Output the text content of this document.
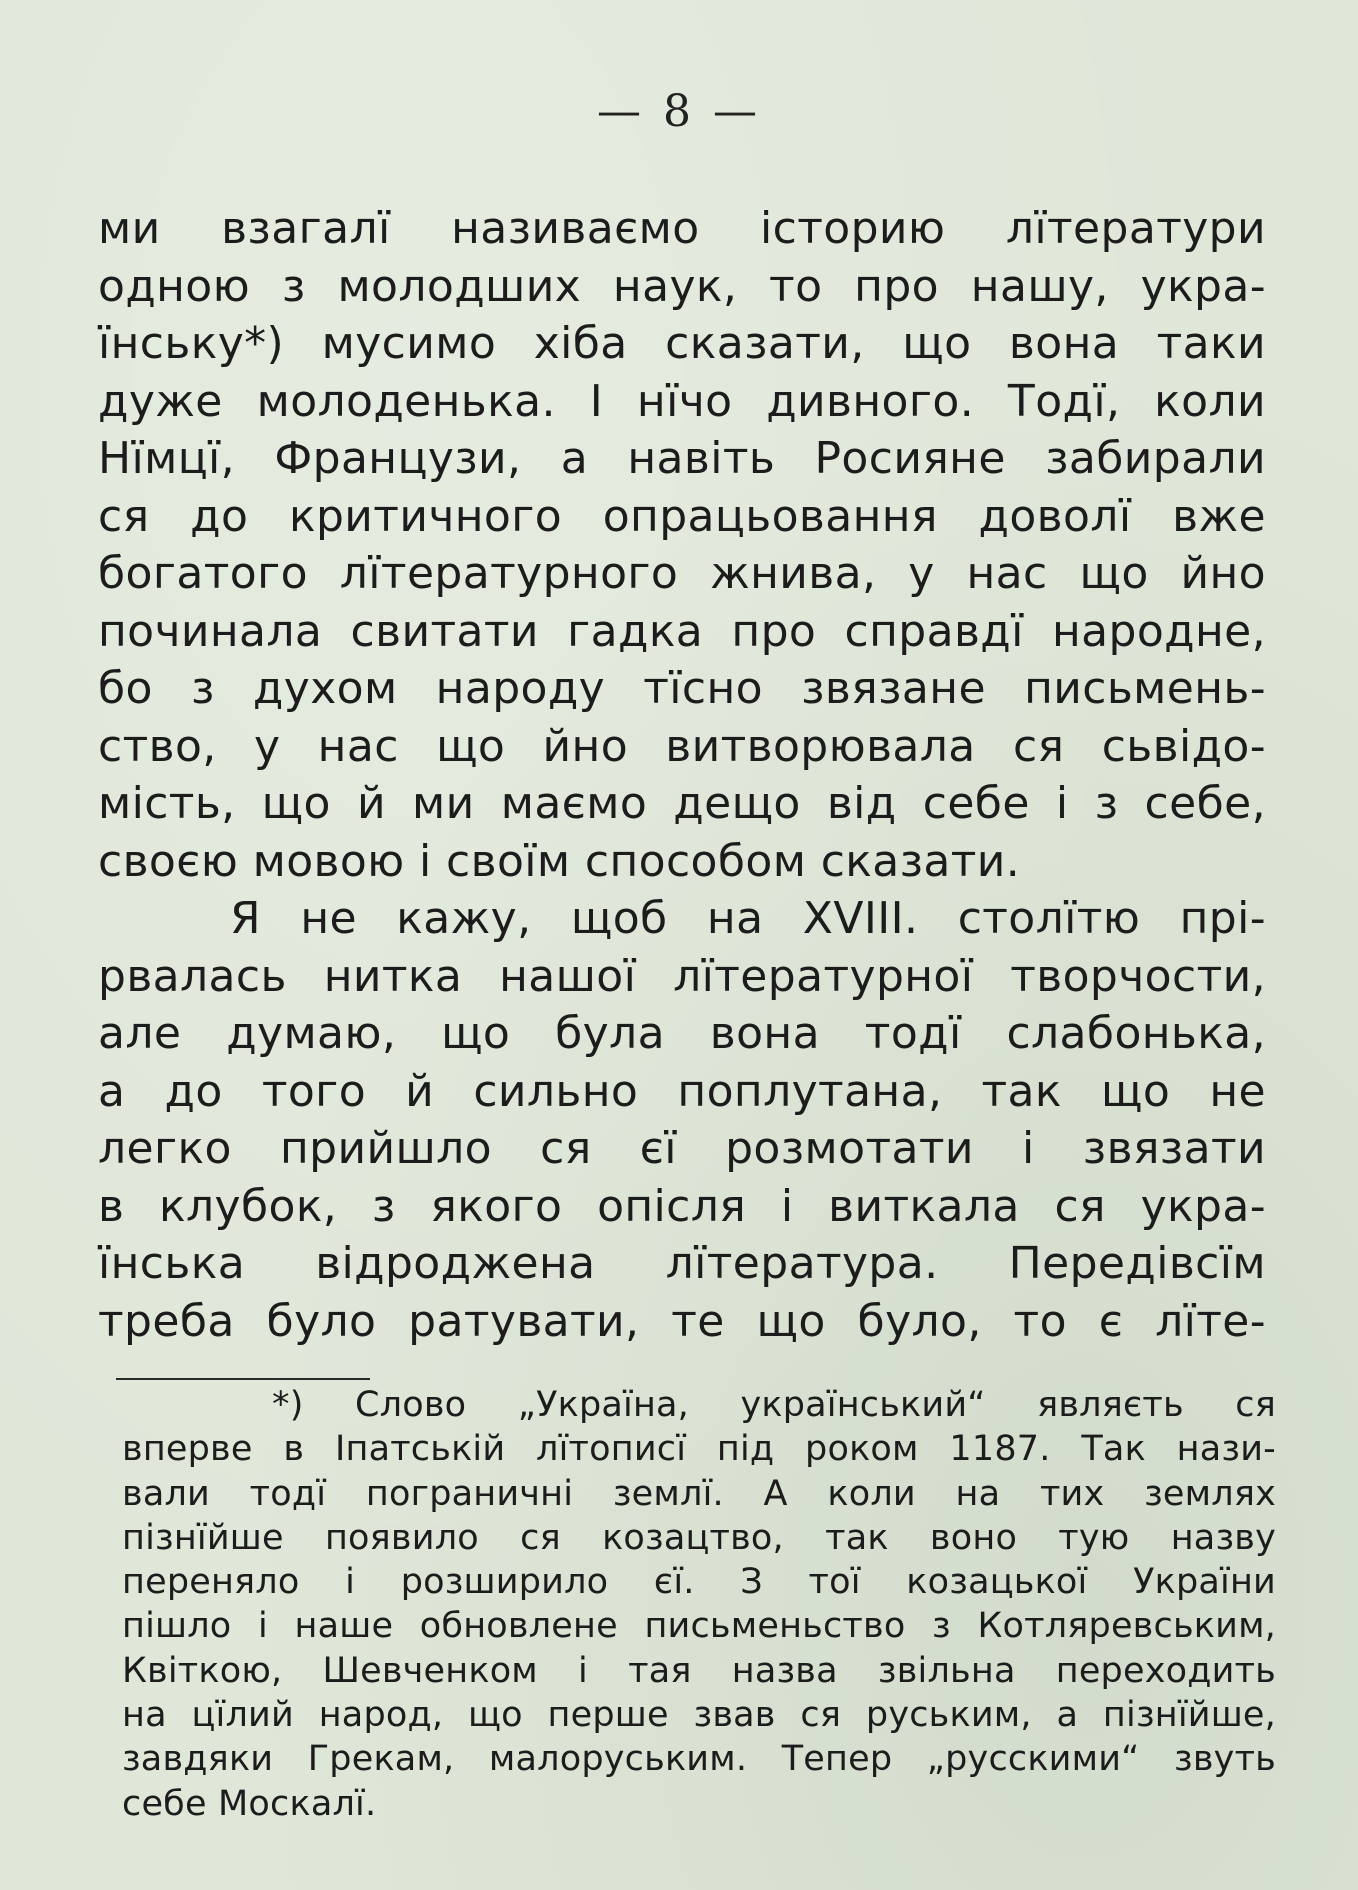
— 8 —
ми взагалї називаємо історию лїтератури
одною з молодших наук, то про нашу, укра-
їнську*) мусимо хіба сказати, що вона таки
дуже молоденька. І нїчо дивного. Тодї, коли
Нїмцї, Французи, а навіть Росияне забирали
ся до критичного опрацьовання доволї вже
богатого лїтературного жнива, у нас що йно
починала свитати гадка про справдї народне,
бо з духом народу тїсно звязане письмень-
ство, у нас що йно витворювала ся сьвідо-
мість, що й ми маємо дещо від себе і з себе,
своєю мовою і своїм способом сказати.
Я не кажу, щоб на XVIII. столїтю прі-
рвалась нитка нашої лїтературної творчости,
але думаю, що була вона тодї слабонька,
а до того й сильно поплутана, так що не
легко прийшло ся єї розмотати і звязати
в клубок, з якого опісля і виткала ся укра-
їнська відроджена лїтература. Передівсїм
треба було ратувати, те що було, то є лїте-
*) Слово „Україна, український“ являєть ся
вперве в Іпатській лїтописї під роком 1187. Так нази-
вали тодї пограничні землї. А коли на тих землях
пізнїйше появило ся козацтво, так воно тую назву
переняло і розширило єї. З тої козацької України
пішло і наше обновлене письменьство з Котляревським,
Квіткою, Шевченком і тая назва звільна переходить
на цїлий народ, що перше звав ся руським, а пізнїйше,
завдяки Грекам, малоруським. Тепер „русскими“ звуть
себе Москалї.
